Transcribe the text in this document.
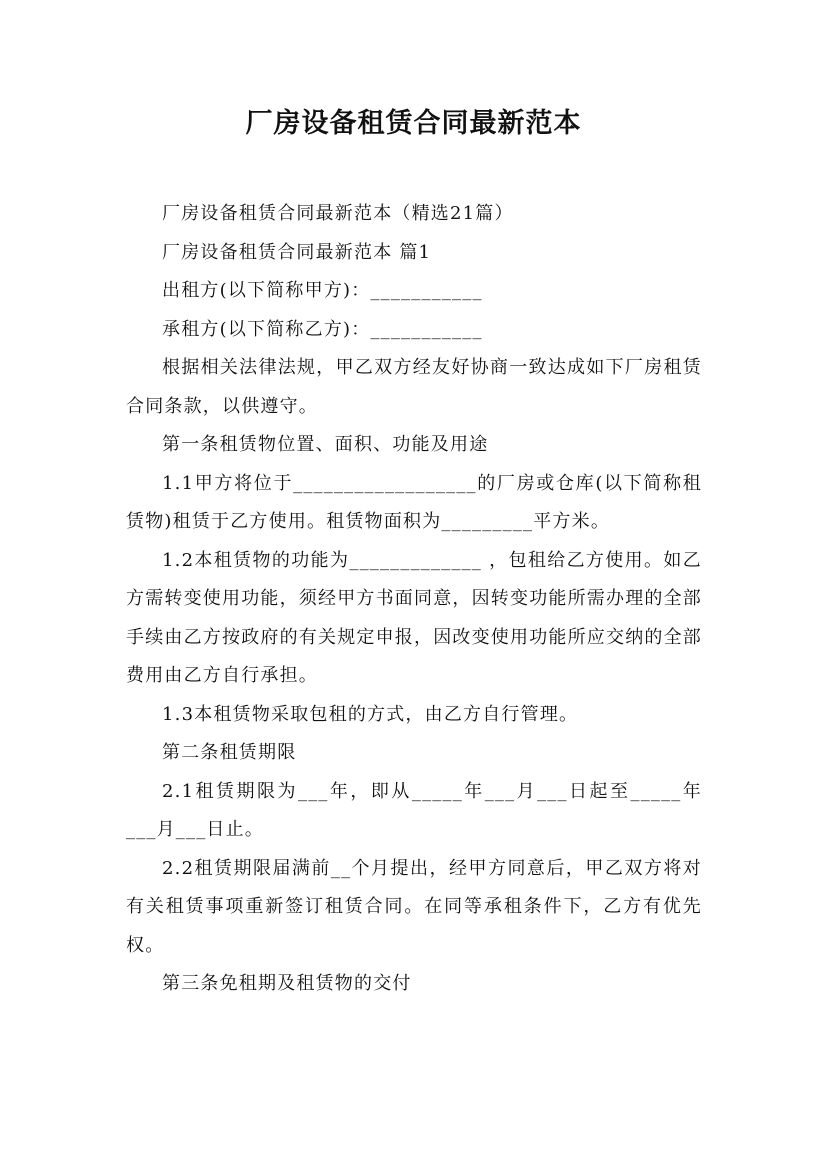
厂房设备租赁合同最新范本

厂房设备租赁合同最新范本（精选21篇）

厂房设备租赁合同最新范本 篇1

出租方(以下简称甲方)：___________

承租方(以下简称乙方)：___________

根据相关法律法规，甲乙双方经友好协商一致达成如下厂房租赁合同条款，以供遵守。

第一条租赁物位置、面积、功能及用途

1.1甲方将位于__________________的厂房或仓库(以下简称租赁物)租赁于乙方使用。租赁物面积为_________平方米。

1.2本租赁物的功能为_____________ ，包租给乙方使用。如乙方需转变使用功能，须经甲方书面同意，因转变功能所需办理的全部手续由乙方按政府的有关规定申报，因改变使用功能所应交纳的全部费用由乙方自行承担。

1.3本租赁物采取包租的方式，由乙方自行管理。

第二条租赁期限

2.1租赁期限为___年，即从_____年___月___日起至_____年___月___日止。

2.2租赁期限届满前__个月提出，经甲方同意后，甲乙双方将对有关租赁事项重新签订租赁合同。在同等承租条件下，乙方有优先权。

第三条免租期及租赁物的交付
